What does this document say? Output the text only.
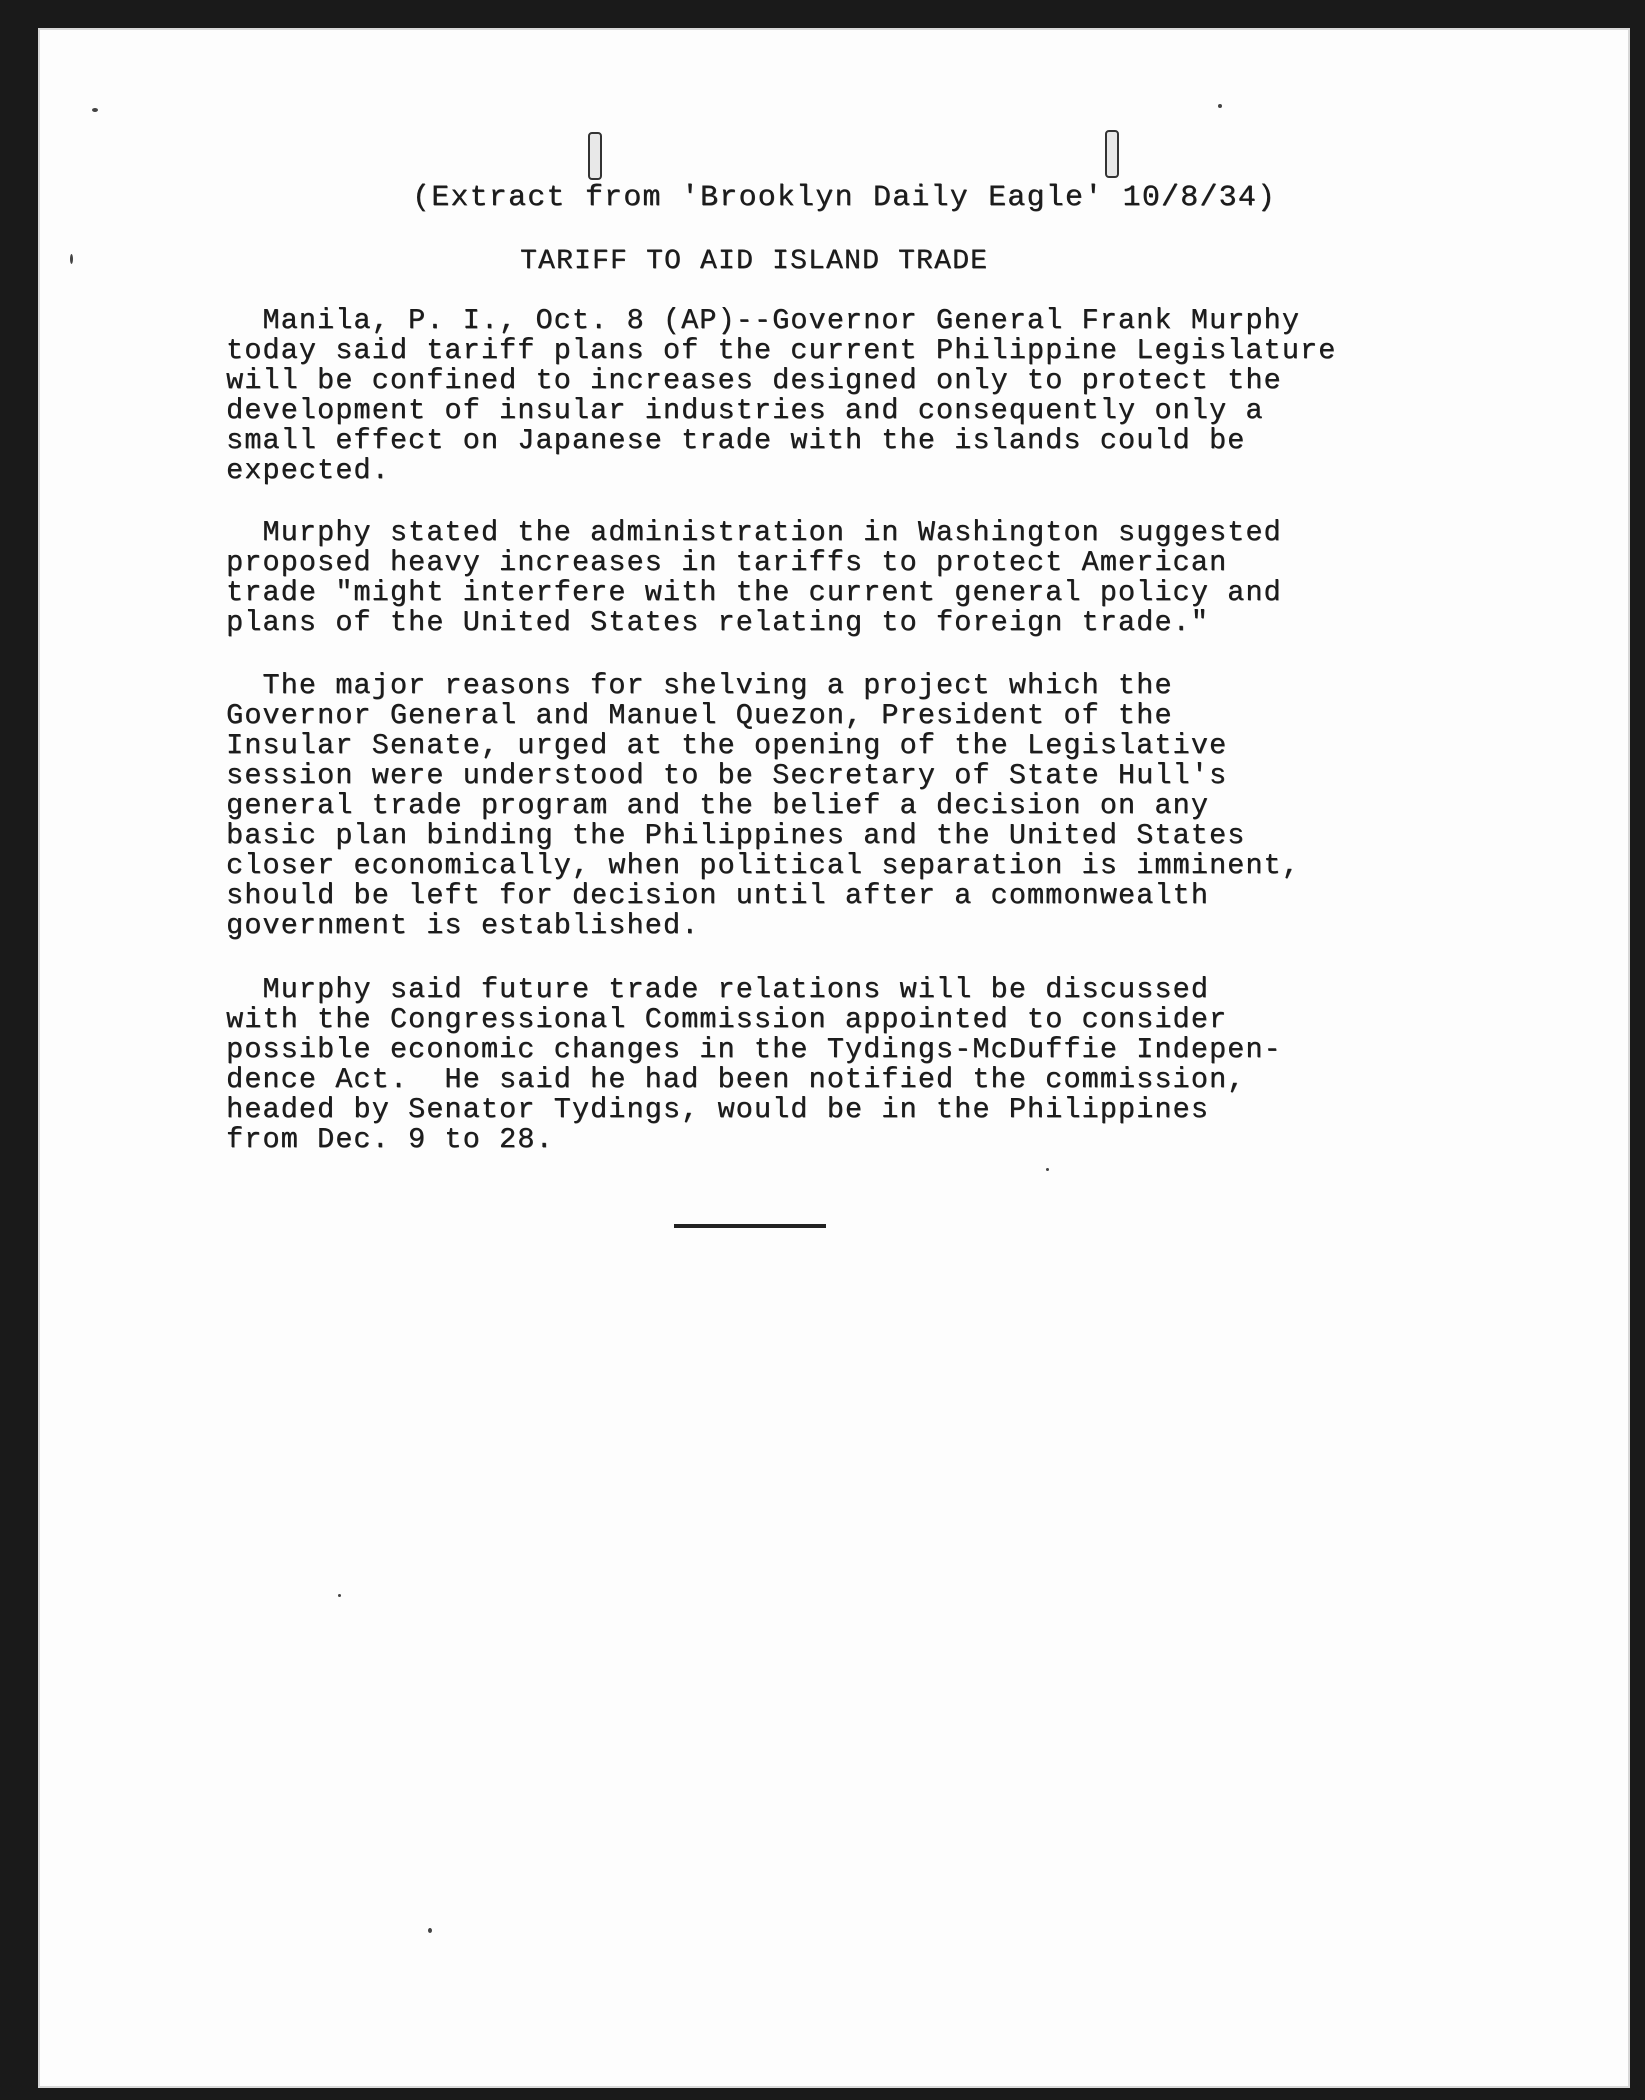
(Extract from 'Brooklyn Daily Eagle' 10/8/34)
TARIFF TO AID ISLAND TRADE

Manila, P. I., Oct. 8 (AP)--Governor General Frank Murphy
today said tariff plans of the current Philippine Legislature
will be confined to increases designed only to protect the
development of insular industries and consequently only a
small effect on Japanese trade with the islands could be
expected.

Murphy stated the administration in Washington suggested
proposed heavy increases in tariffs to protect American
trade "might interfere with the current general policy and
plans of the United States relating to foreign trade."

The major reasons for shelving a project which the
Governor General and Manuel Quezon, President of the
Insular Senate, urged at the opening of the Legislative
session were understood to be Secretary of State Hull's
general trade program and the belief a decision on any
basic plan binding the Philippines and the United States
closer economically, when political separation is imminent,
should be left for decision until after a commonwealth
government is established.

Murphy said future trade relations will be discussed
with the Congressional Commission appointed to consider
possible economic changes in the Tydings-McDuffie Indepen-
dence Act.  He said he had been notified the commission,
headed by Senator Tydings, would be in the Philippines
from Dec. 9 to 28.
